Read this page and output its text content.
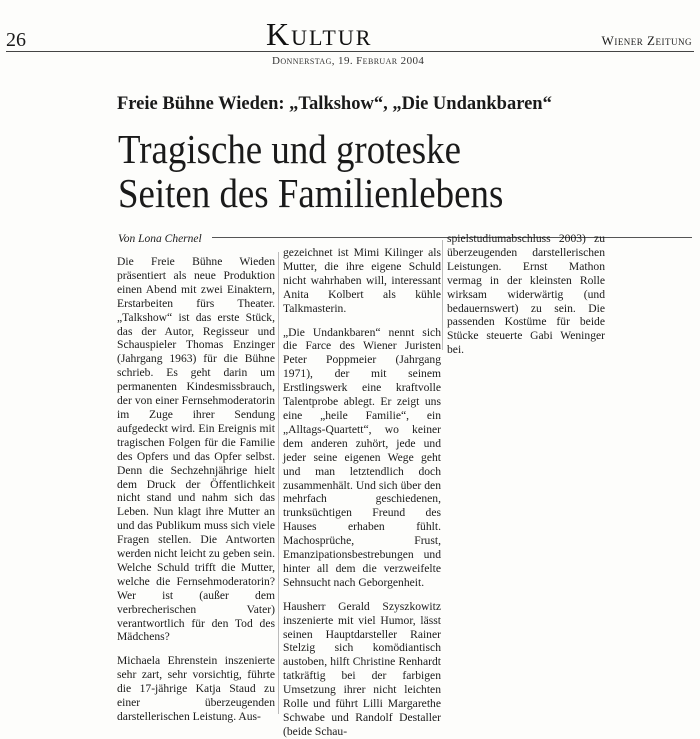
26	Kultur	Wiener Zeitung
Donnerstag, 19. Februar 2004
Freie Bühne Wieden: „Talkshow“, „Die Undankbaren“
Tragische und groteske
Seiten des Familienlebens
Von Lona Chernel

Die Freie Bühne Wieden präsentiert als neue Produktion einen Abend mit zwei Einaktern, Erstarbeiten fürs Theater. „Talkshow“ ist das erste Stück, das der Autor, Regisseur und Schauspieler Thomas Enzinger (Jahrgang 1963) für die Bühne schrieb. Es geht darin um permanenten Kindesmissbrauch, der von einer Fernsehmoderatorin im Zuge ihrer Sendung aufgedeckt wird. Ein Ereignis mit tragischen Folgen für die Familie des Opfers und das Opfer selbst. Denn die Sechzehnjährige hielt dem Druck der Öffentlichkeit nicht stand und nahm sich das Leben. Nun klagt ihre Mutter an und das Publikum muss sich viele Fragen stellen. Die Antworten werden nicht leicht zu geben sein. Welche Schuld trifft die Mutter, welche die Fernsehmoderatorin? Wer ist (außer dem verbrecherischen Vater) verantwortlich für den Tod des Mädchens?

Michaela Ehrenstein inszenierte sehr zart, sehr vorsichtig, führte die 17-jährige Katja Staud zu einer überzeugenden darstellerischen Leistung. Aus-

gezeichnet ist Mimi Kilinger als Mutter, die ihre eigene Schuld nicht wahrhaben will, interessant Anita Kolbert als kühle Talkmasterin.

„Die Undankbaren“ nennt sich die Farce des Wiener Juristen Peter Poppmeier (Jahrgang 1971), der mit seinem Erstlingswerk eine kraftvolle Talentprobe ablegt. Er zeigt uns eine „heile Familie“, ein „Alltags-Quartett“, wo keiner dem anderen zuhört, jede und jeder seine eigenen Wege geht und man letztendlich doch zusammenhält. Und sich über den mehrfach geschiedenen, trunksüchtigen Freund des Hauses erhaben fühlt. Machosprüche, Frust, Emanzipationsbestrebungen und hinter all dem die verzweifelte Sehnsucht nach Geborgenheit.

Hausherr Gerald Szyszkowitz inszenierte mit viel Humor, lässt seinen Hauptdarsteller Rainer Stelzig sich komödiantisch austoben, hilft Christine Renhardt tatkräftig bei der farbigen Umsetzung ihrer nicht leichten Rolle und führt Lilli Margarethe Schwabe und Randolf Destaller (beide Schau-

spielstudiumabschluss 2003) zu überzeugenden darstellerischen Leistungen. Ernst Mathon vermag in der kleinsten Rolle wirksam widerwärtig (und bedauernswert) zu sein. Die passenden Kostüme für beide Stücke steuerte Gabi Weninger bei.
